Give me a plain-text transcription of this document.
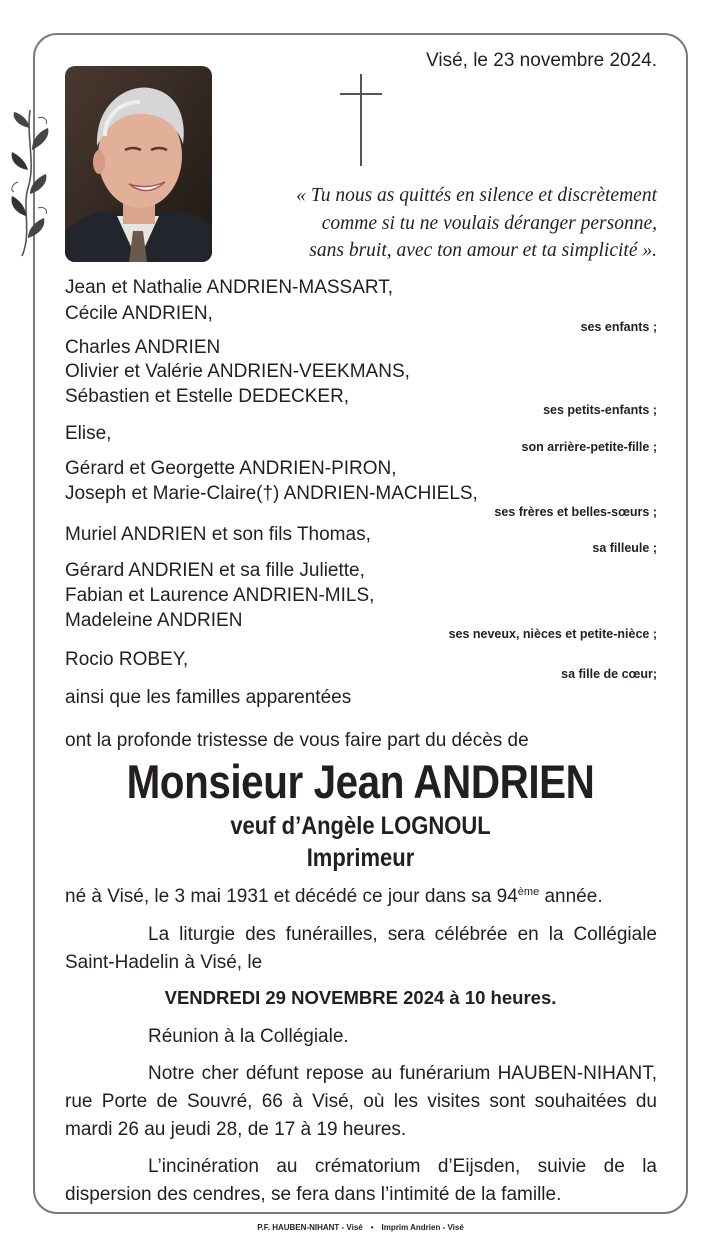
Visé, le 23 novembre 2024.
« Tu nous as quittés en silence et discrètement
comme si tu ne voulais déranger personne,
sans bruit, avec ton amour et ta simplicité ».
Jean et Nathalie ANDRIEN-MASSART,
Cécile ANDRIEN,
ses enfants ;
Charles ANDRIEN
Olivier et Valérie ANDRIEN-VEEKMANS,
Sébastien et Estelle DEDECKER,
ses petits-enfants ;
Elise,
son arrière-petite-fille ;
Gérard et Georgette ANDRIEN-PIRON,
Joseph et Marie-Claire(†) ANDRIEN-MACHIELS,
ses frères et belles-sœurs ;
Muriel ANDRIEN et son fils Thomas,
sa filleule ;
Gérard ANDRIEN et sa fille Juliette,
Fabian et Laurence ANDRIEN-MILS,
Madeleine ANDRIEN
ses neveux, nièces et petite-nièce ;
Rocio ROBEY,
sa fille de cœur;
ainsi que les familles apparentées
ont la profonde tristesse de vous faire part du décès de
Monsieur Jean ANDRIEN
veuf d’Angèle LOGNOUL
Imprimeur
né à Visé, le 3 mai 1931 et décédé ce jour dans sa 94ème année.
La liturgie des funérailles, sera célébrée en la Collégiale Saint-Hadelin à Visé, le
VENDREDI 29 NOVEMBRE 2024 à 10 heures.
Réunion à la Collégiale.
Notre cher défunt repose au funérarium HAUBEN-NIHANT, rue Porte de Souvré, 66 à Visé, où les visites sont souhaitées du mardi 26 au jeudi 28, de 17 à 19 heures.
L’incinération au crématorium d’Eijsden, suivie de la dispersion des cendres, se fera dans l’intimité de la famille.
P.F. HAUBEN-NIHANT - Visé • Imprim Andrien - Visé
